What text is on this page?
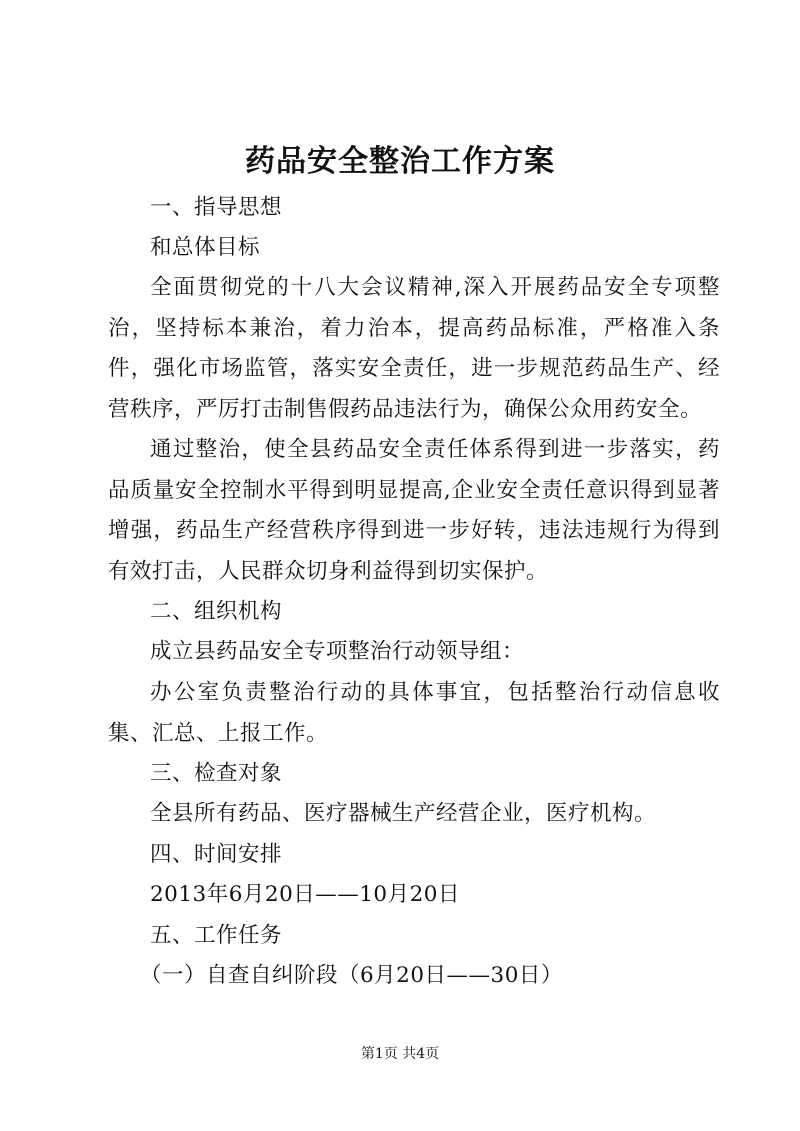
药品安全整治工作方案

一、指导思想

和总体目标

全面贯彻党的十八大会议精神,深入开展药品安全专项整治，坚持标本兼治，着力治本，提高药品标准，严格准入条件，强化市场监管，落实安全责任，进一步规范药品生产、经营秩序，严厉打击制售假药品违法行为，确保公众用药安全。

通过整治，使全县药品安全责任体系得到进一步落实，药品质量安全控制水平得到明显提高,企业安全责任意识得到显著增强，药品生产经营秩序得到进一步好转，违法违规行为得到有效打击，人民群众切身利益得到切实保护。

二、组织机构

成立县药品安全专项整治行动领导组：

办公室负责整治行动的具体事宜，包括整治行动信息收集、汇总、上报工作。

三、检查对象

全县所有药品、医疗器械生产经营企业，医疗机构。

四、时间安排

2013年6月20日——10月20日

五、工作任务

（一）自查自纠阶段（6月20日——30日）

第1页 共4页
